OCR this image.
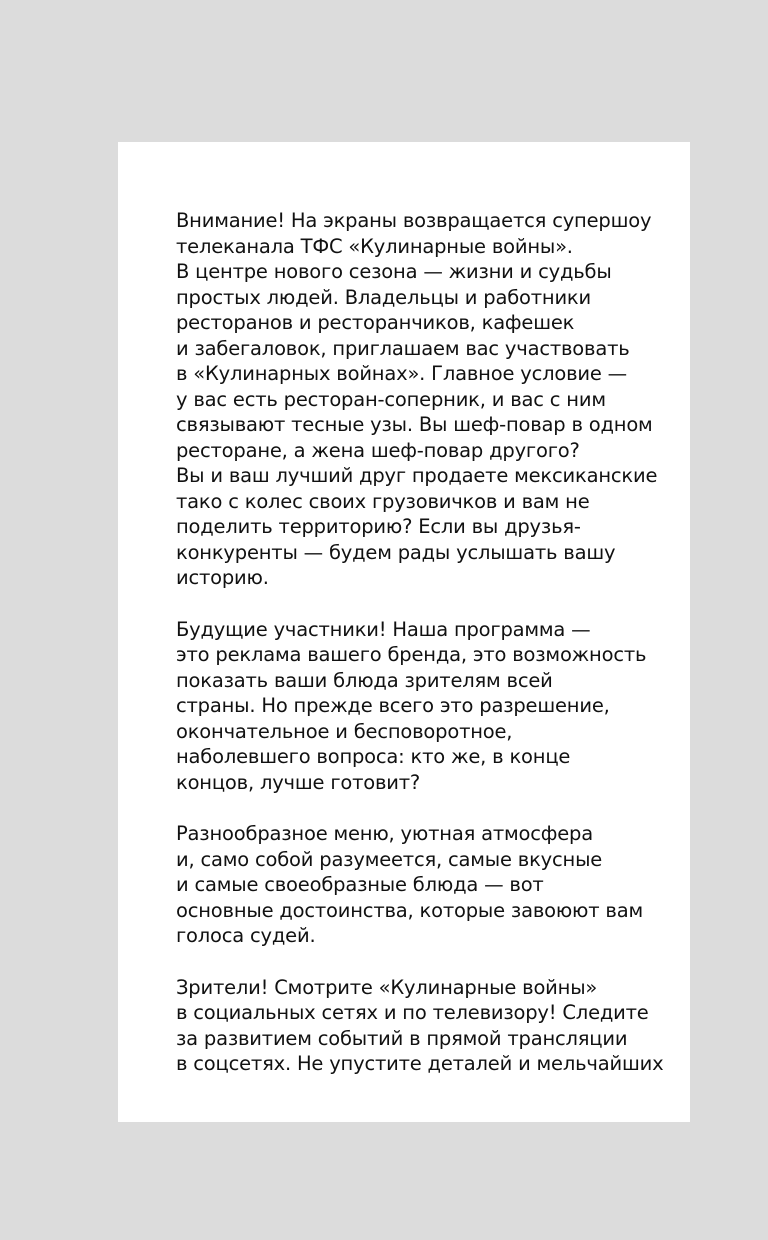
Внимание! На экраны возвращается супершоу
телеканала ТФС «Кулинарные войны».
В центре нового сезона — жизни и судьбы
простых людей. Владельцы и работники
ресторанов и ресторанчиков, кафешек
и забегаловок, приглашаем вас участвовать
в «Кулинарных войнах». Главное условие —
у вас есть ресторан-соперник, и вас с ним
связывают тесные узы. Вы шеф-повар в одном
ресторане, а жена шеф-повар другого?
Вы и ваш лучший друг продаете мексиканские
тако с колес своих грузовичков и вам не
поделить территорию? Если вы друзья-
конкуренты — будем рады услышать вашу
историю.
Будущие участники! Наша программа —
это реклама вашего бренда, это возможность
показать ваши блюда зрителям всей
страны. Но прежде всего это разрешение,
окончательное и бесповоротное,
наболевшего вопроса: кто же, в конце
концов, лучше готовит?
Разнообразное меню, уютная атмосфера
и, само собой разумеется, самые вкусные
и самые своеобразные блюда — вот
основные достоинства, которые завоюют вам
голоса судей.
Зрители! Смотрите «Кулинарные войны»
в социальных сетях и по телевизору! Следите
за развитием событий в прямой трансляции
в соцсетях. Не упустите деталей и мельчайших
